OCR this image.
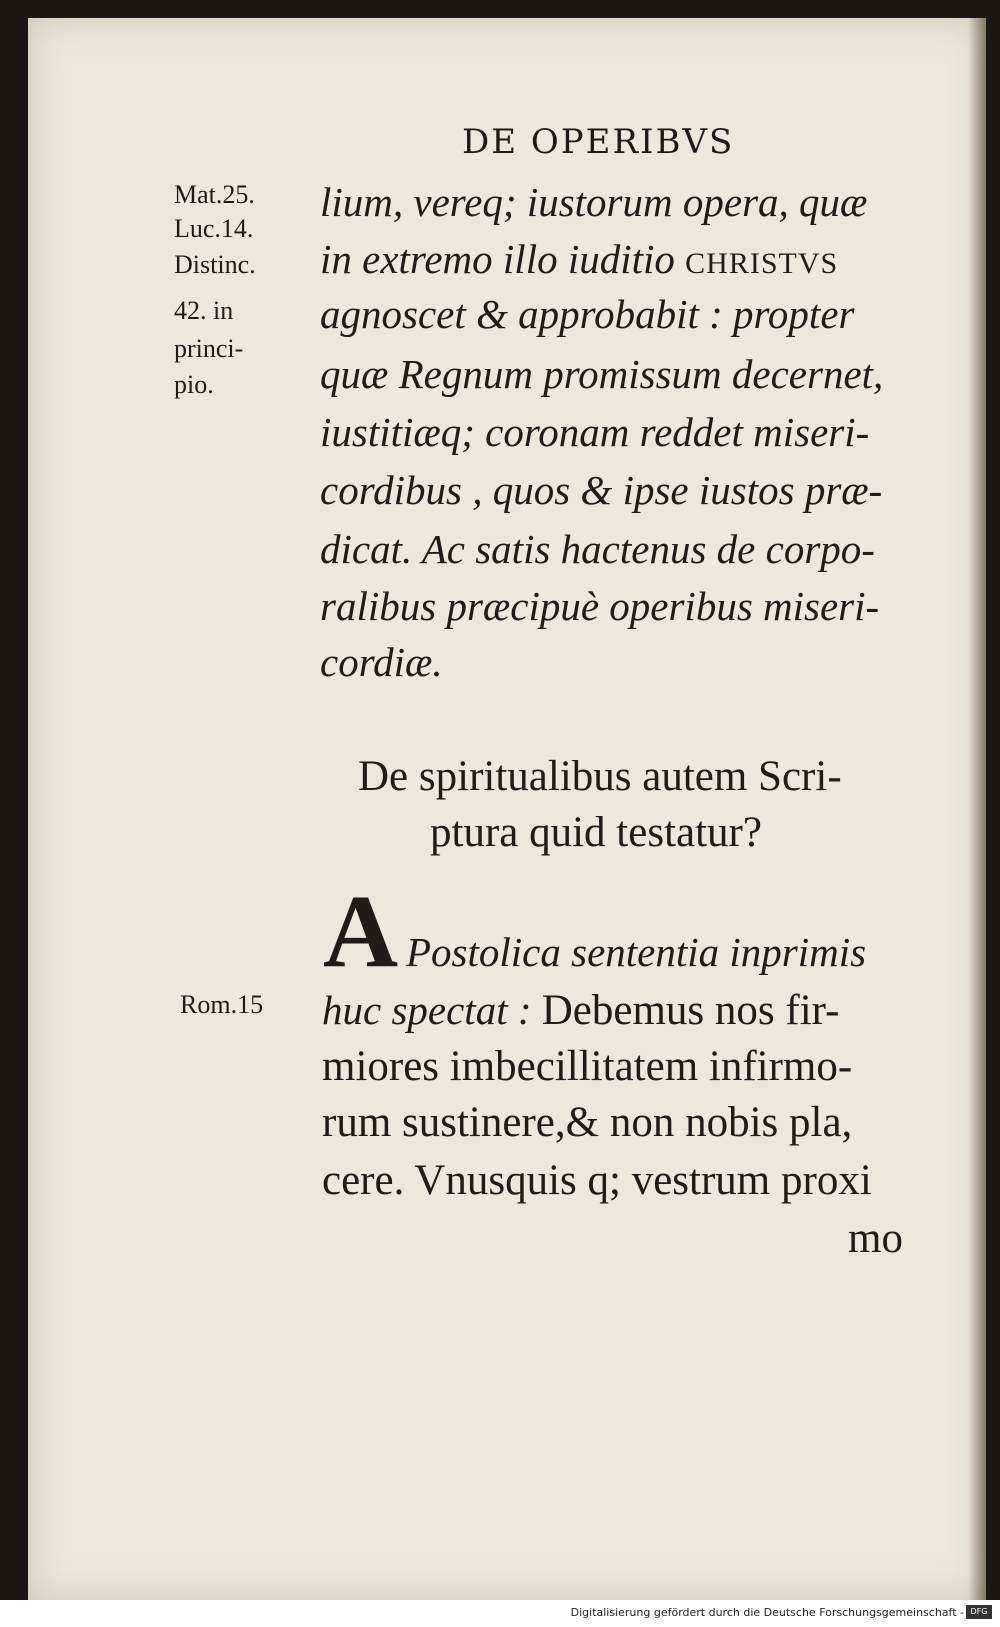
DE OPERIBVS
Mat.25.
Luc.14.
Distinc.
42. in
princi-
pio.
Rom.15
lium, vereq; iustorum opera, quæ
in extremo illo iuditio CHRISTVS
agnoscet & approbabit : propter
quæ Regnum promissum decernet,
iustitiæq; coronam reddet miseri-
cordibus , quos & ipse iustos præ-
dicat. Ac satis hactenus de corpo-
ralibus præcipuè operibus miseri-
cordiæ.
De spiritualibus autem Scri-
ptura quid testatur?
A Postolica sententia inprimis
huc spectat : Debemus nos fir-
miores imbecillitatem infirmo-
rum sustinere,& non nobis pla,
cere. Vnusquis q; vestrum proxi
mo
Digitalisierung gefördert durch die Deutsche Forschungsgemeinschaft - DFG
